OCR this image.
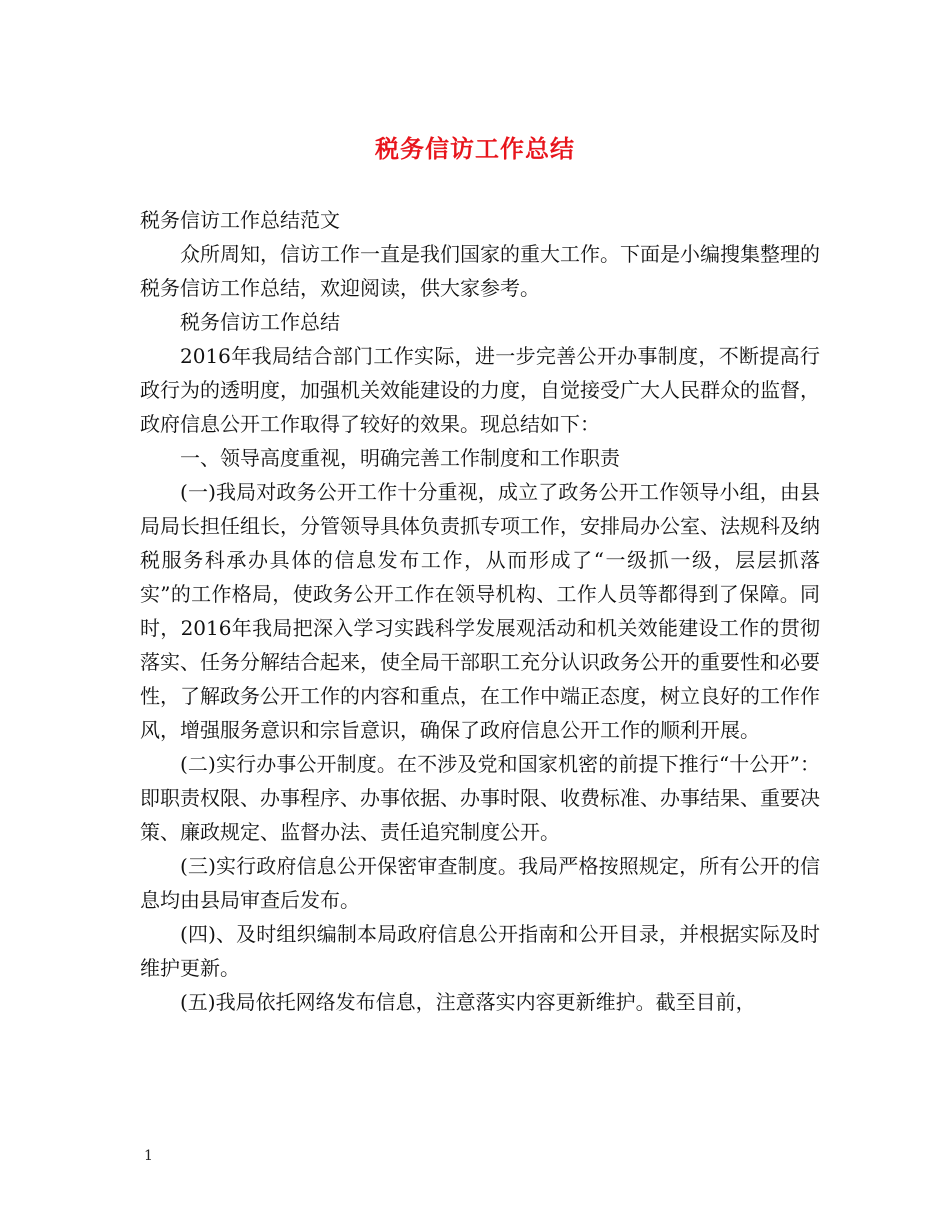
税务信访工作总结

税务信访工作总结范文

众所周知，信访工作一直是我们国家的重大工作。下面是小编搜集整理的税务信访工作总结，欢迎阅读，供大家参考。

税务信访工作总结

2016年我局结合部门工作实际，进一步完善公开办事制度，不断提高行政行为的透明度，加强机关效能建设的力度，自觉接受广大人民群众的监督，政府信息公开工作取得了较好的效果。现总结如下：

一、领导高度重视，明确完善工作制度和工作职责

(一)我局对政务公开工作十分重视，成立了政务公开工作领导小组，由县局局长担任组长，分管领导具体负责抓专项工作，安排局办公室、法规科及纳税服务科承办具体的信息发布工作，从而形成了“一级抓一级，层层抓落实”的工作格局，使政务公开工作在领导机构、工作人员等都得到了保障。同时，2016年我局把深入学习实践科学发展观活动和机关效能建设工作的贯彻落实、任务分解结合起来，使全局干部职工充分认识政务公开的重要性和必要性，了解政务公开工作的内容和重点，在工作中端正态度，树立良好的工作作风，增强服务意识和宗旨意识，确保了政府信息公开工作的顺利开展。

(二)实行办事公开制度。在不涉及党和国家机密的前提下推行“十公开”：即职责权限、办事程序、办事依据、办事时限、收费标准、办事结果、重要决策、廉政规定、监督办法、责任追究制度公开。

(三)实行政府信息公开保密审查制度。我局严格按照规定，所有公开的信息均由县局审查后发布。

(四)、及时组织编制本局政府信息公开指南和公开目录，并根据实际及时维护更新。

(五)我局依托网络发布信息，注意落实内容更新维护。截至目前，

1
